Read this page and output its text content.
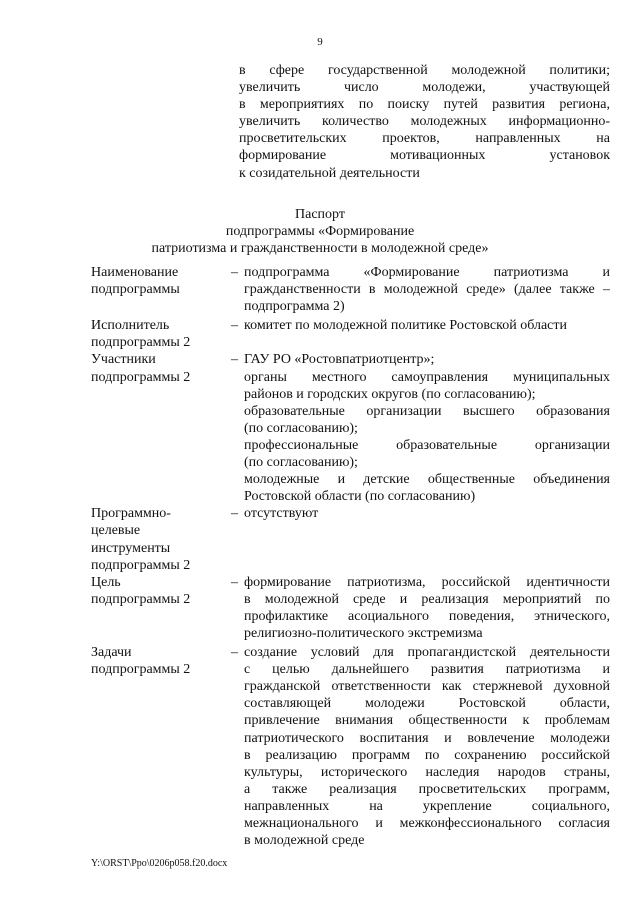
9
в сфере государственной молодежной политики;
увеличить число молодежи, участвующей
в мероприятиях по поиску путей развития региона,
увеличить количество молодежных информационно-
просветительских проектов, направленных на
формирование мотивационных установок
к созидательной деятельности
Паспорт
подпрограммы «Формирование
патриотизма и гражданственности в молодежной среде»
Наименование
подпрограммы
– подпрограмма «Формирование патриотизма и
гражданственности в молодежной среде» (далее также –
подпрограмма 2)
Исполнитель
подпрограммы 2
– комитет по молодежной политике Ростовской области
Участники
подпрограммы 2
– ГАУ РО «Ростовпатриотцентр»;
органы местного самоуправления муниципальных
районов и городских округов (по согласованию);
образовательные организации высшего образования
(по согласованию);
профессиональные образовательные организации
(по согласованию);
молодежные и детские общественные объединения
Ростовской области (по согласованию)
Программно-
целевые
инструменты
подпрограммы 2
– отсутствуют
Цель
подпрограммы 2
– формирование патриотизма, российской идентичности
в молодежной среде и реализация мероприятий по
профилактике асоциального поведения, этнического,
религиозно-политического экстремизма
Задачи
подпрограммы 2
– создание условий для пропагандистской деятельности
с целью дальнейшего развития патриотизма и
гражданской ответственности как стержневой духовной
составляющей молодежи Ростовской области,
привлечение внимания общественности к проблемам
патриотического воспитания и вовлечение молодежи
в реализацию программ по сохранению российской
культуры, исторического наследия народов страны,
а также реализация просветительских программ,
направленных на укрепление социального,
межнационального и межконфессионального согласия
в молодежной среде
Y:\ORST\Ppo\0206p058.f20.docx
